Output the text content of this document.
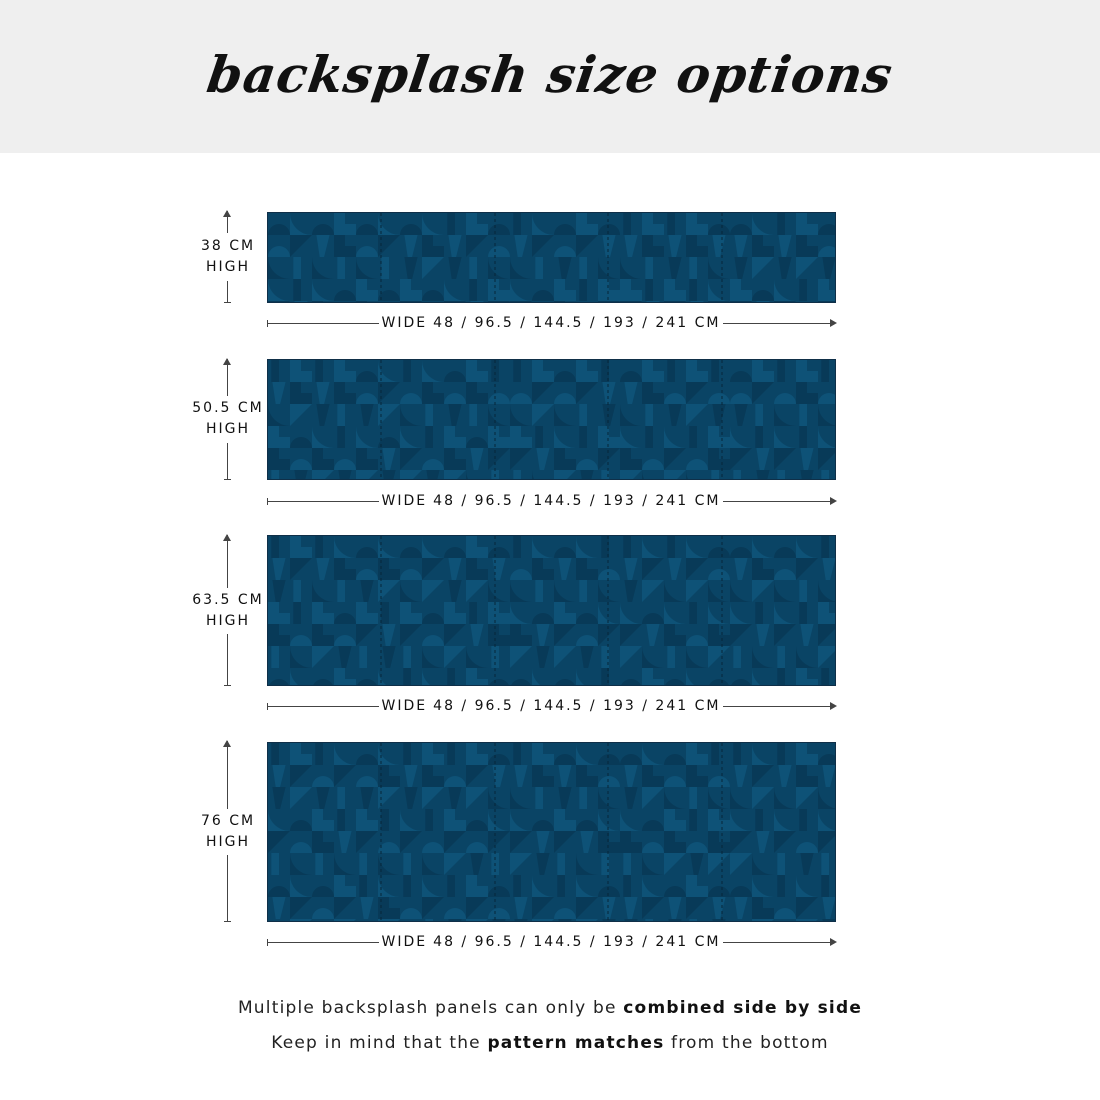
backsplash size options
38 CM
HIGH
WIDE 48 / 96.5 / 144.5 / 193 / 241 CM
50.5 CM
HIGH
WIDE 48 / 96.5 / 144.5 / 193 / 241 CM
63.5 CM
HIGH
WIDE 48 / 96.5 / 144.5 / 193 / 241 CM
76 CM
HIGH
WIDE 48 / 96.5 / 144.5 / 193 / 241 CM
Multiple backsplash panels can only be combined side by side
Keep in mind that the pattern matches from the bottom
